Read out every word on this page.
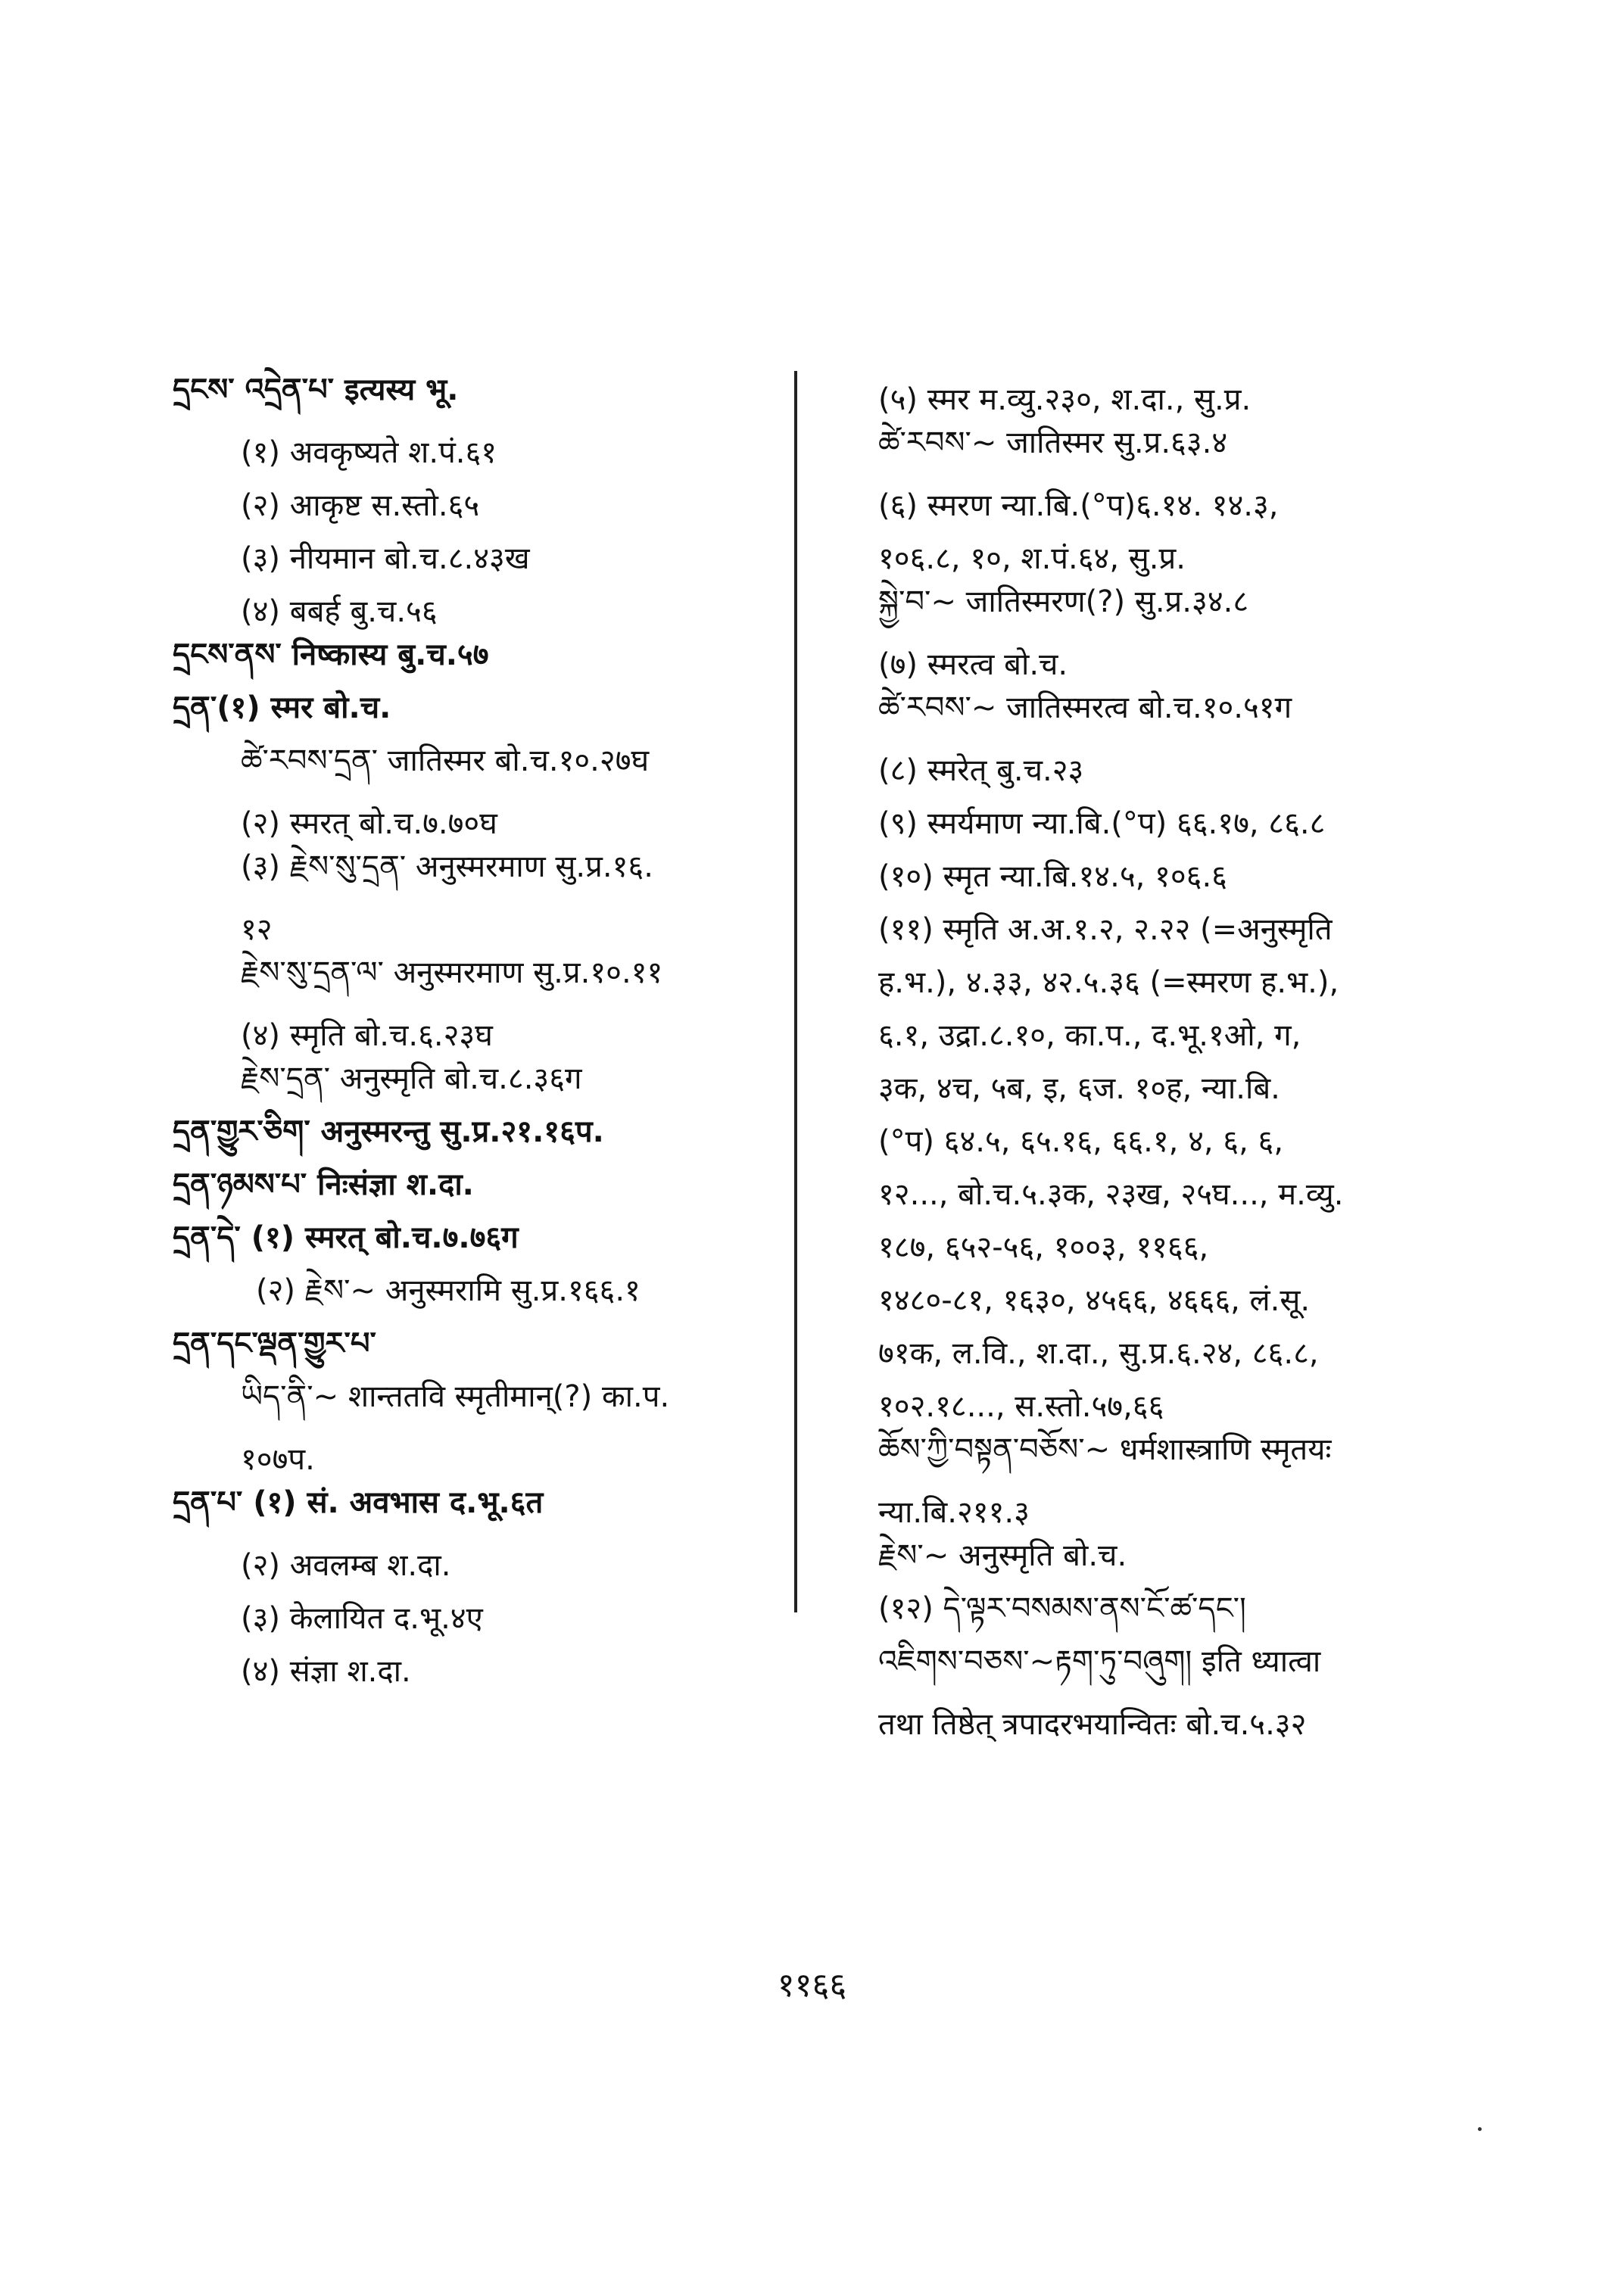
དྲངས་ འདྲེན་པ་ इत्यस्य भू.
(१) अवकृष्यते श.पं.६१
(२) आकृष्ट स.स्तो.६५
(३) नीयमान बो.च.८.४३ख
(४) बबर्ह बु.च.५६
དྲངས་ནས་ निष्कास्य बु.च.५७
དྲན་(१) स्मर बो.च.
ཚེ་རབས་དྲན་ जातिस्मर बो.च.१०.२७घ
(२) स्मरत् बो.च.७.७०घ
(३) རྗེས་སུ་དྲན་ अनुस्मरमाण सु.प्र.१६.
१२
རྗེས་སུ་དྲན་ལ་ अनुस्मरमाण सु.प्र.१०.११
(४) स्मृति बो.च.६.२३घ
རྗེས་དྲན་ अनुस्मृति बो.च.८.३६ग
དྲན་གྱུར་ཅིག་ अनुस्मरन्तु सु.प्र.२१.१६प.
དྲན་ཉམས་པ་ निःसंज्ञा श.दा.
དྲན་དེ་ (१) स्मरत् बो.च.७.७६ग
(२) རྗེས་~ अनुस्मरामि सु.प्र.१६६.१
དྲན་དང་ལྡན་གྱུར་པ་
ཡིད་ནི་~ शान्ततवि स्मृतीमान्(?) का.प.
१०७प.
དྲན་པ་ (१) सं. अवभास द.भू.६त
(२) अवलम्ब श.दा.
(३) केलायित द.भू.४ए
(४) संज्ञा श.दा.
(५) स्मर म.व्यु.२३०, श.दा., सु.प्र.
ཚེ་རབས་~ जातिस्मर सु.प्र.६३.४
(६) स्मरण न्या.बि.(°प)६.१४. १४.३,
१०६.८, १०, श.पं.६४, सु.प्र.
སྐྱེ་བ་~ जातिस्मरण(?) सु.प्र.३४.८
(७) स्मरत्व बो.च.
ཚེ་རབས་~ जातिस्मरत्व बो.च.१०.५१ग
(८) स्मरेत् बु.च.२३
(९) स्मर्यमाण न्या.बि.(°प) ६६.१७, ८६.८
(१०) स्मृत न्या.बि.१४.५, १०६.६
(११) स्मृति अ.अ.१.२, २.२२ (=अनुस्मृति
ह.भ.), ४.३३, ४२.५.३६ (=स्मरण ह.भ.),
६.१, उद्रा.८.१०, का.प., द.भू.१ओ, ग,
३क, ४च, ५ब, इ, ६ज. १०ह, न्या.बि.
(°प) ६४.५, ६५.१६, ६६.१, ४, ६, ६,
१२..., बो.च.५.३क, २३ख, २५घ..., म.व्यु.
१८७, ६५२-५६, १००३, ११६६,
१४८०-८१, १६३०, ४५६६, ४६६६, लं.सू.
७१क, ल.वि., श.दा., सु.प्र.६.२४, ८६.८,
१०२.१८..., स.स्तो.५७,६६
ཆོས་ཀྱི་བསྟན་བཅོས་~ धर्मशास्त्राणि स्मृतयः
न्या.बि.२११.३
རྗེས་~ अनुस्मृति बो.च.
(१२) དེ་ལྟར་བསམས་ནས་ངོ་ཚ་དང་།
འཇིགས་བཅས་~རྟག་ཏུ་བཞུག། इति ध्यात्वा
तथा तिष्ठेत् त्रपादरभयान्वितः बो.च.५.३२
११६६
